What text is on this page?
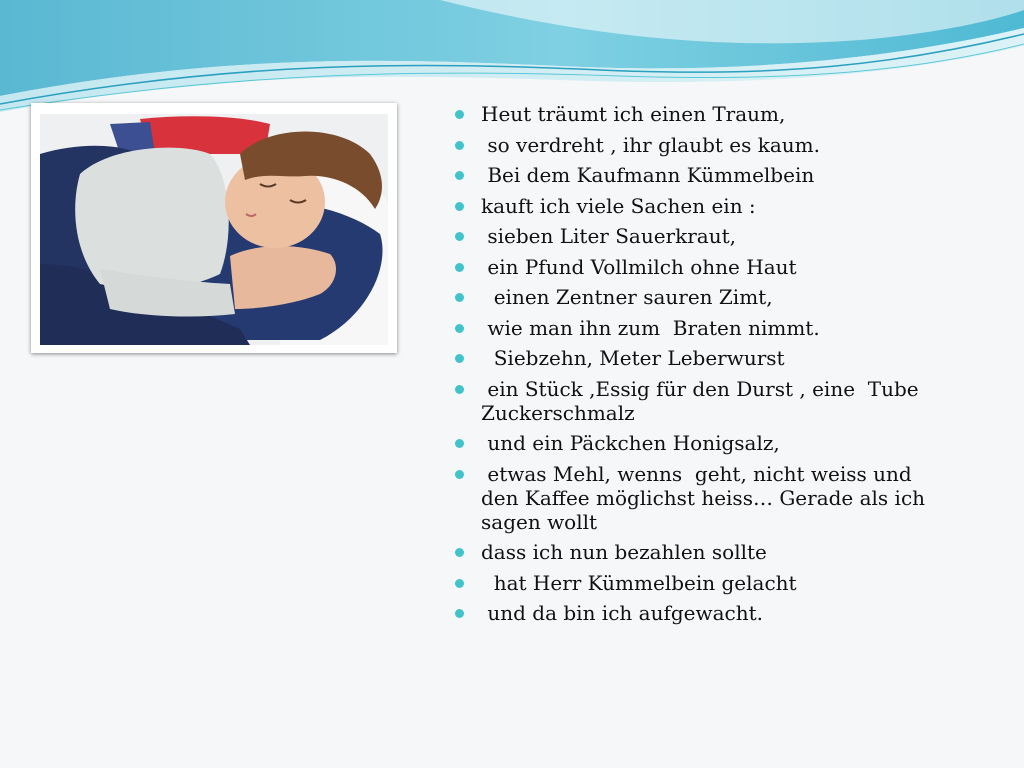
Heut träumt ich einen Traum,
so verdreht , ihr glaubt es kaum.
Bei dem Kaufmann Kümmelbein
kauft ich viele Sachen ein :
sieben Liter Sauerkraut,
ein Pfund Vollmilch ohne Haut
einen Zentner sauren Zimt,
wie man ihn zum  Braten nimmt.
Siebzehn, Meter Leberwurst
ein Stück ,Essig für den Durst , eine  Tube Zuckerschmalz
und ein Päckchen Honigsalz,
etwas Mehl, wenns  geht, nicht weiss und den Kaffee möglichst heiss… Gerade als ich sagen wollt
dass ich nun bezahlen sollte
hat Herr Kümmelbein gelacht
und da bin ich aufgewacht.
